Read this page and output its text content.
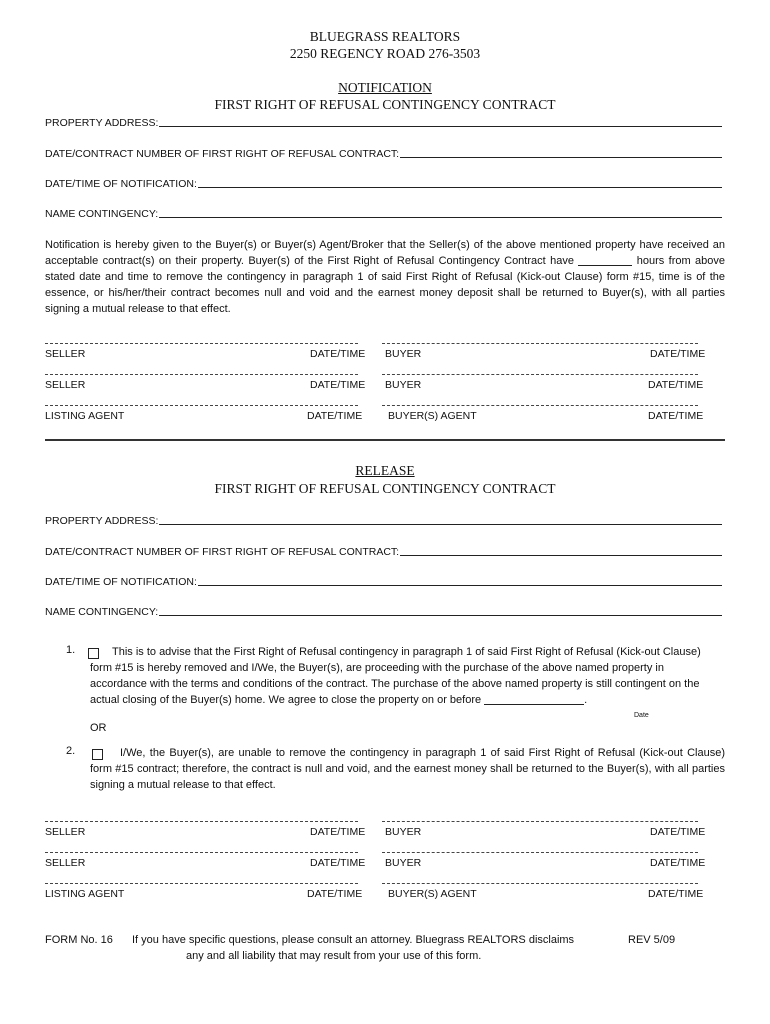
BLUEGRASS REALTORS
2250 REGENCY ROAD 276-3503
NOTIFICATION
FIRST RIGHT OF REFUSAL CONTINGENCY CONTRACT
PROPERTY ADDRESS:
DATE/CONTRACT NUMBER OF FIRST RIGHT OF REFUSAL CONTRACT:
DATE/TIME OF NOTIFICATION:
NAME CONTINGENCY:
Notification is hereby given to the Buyer(s) or Buyer(s) Agent/Broker that the Seller(s) of the above mentioned property have received an acceptable contract(s) on their property. Buyer(s) of the First Right of Refusal Contingency Contract have	hours from above stated date and time to remove the contingency in paragraph 1 of said First Right of Refusal (Kick-out Clause) form #15, time is of the essence, or his/her/their contract becomes null and void and the earnest money deposit shall be returned to Buyer(s), with all parties signing a mutual release to that effect.
SELLER	DATE/TIME BUYER	DATE/TIME
SELLER	DATE/TIME BUYER	DATE/TIME
LISTING AGENT	DATE/TIME BUYER(S) AGENT	DATE/TIME
RELEASE
FIRST RIGHT OF REFUSAL CONTINGENCY CONTRACT
PROPERTY ADDRESS:
DATE/CONTRACT NUMBER OF FIRST RIGHT OF REFUSAL CONTRACT:
DATE/TIME OF NOTIFICATION:
NAME CONTINGENCY:
1.	This is to advise that the First Right of Refusal contingency in paragraph 1 of said First Right of Refusal (Kick-out Clause) form #15 is hereby removed and I/We, the Buyer(s), are proceeding with the purchase of the above named property in accordance with the terms and conditions of the contract. The purchase of the above named property is still contingent on the actual closing of the Buyer(s) home. We agree to close the property on or before	.
Date
OR
2.	I/We, the Buyer(s), are unable to remove the contingency in paragraph 1 of said First Right of Refusal (Kick-out Clause) form #15 contract; therefore, the contract is null and void, and the earnest money shall be returned to the Buyer(s), with all parties signing a mutual release to that effect.
SELLER	DATE/TIME BUYER	DATE/TIME
SELLER	DATE/TIME BUYER	DATE/TIME
LISTING AGENT	DATE/TIME BUYER(S) AGENT	DATE/TIME
FORM No. 16 If you have specific questions, please consult an attorney. Bluegrass REALTORS disclaims
any and all liability that may result from your use of this form.
REV 5/09
